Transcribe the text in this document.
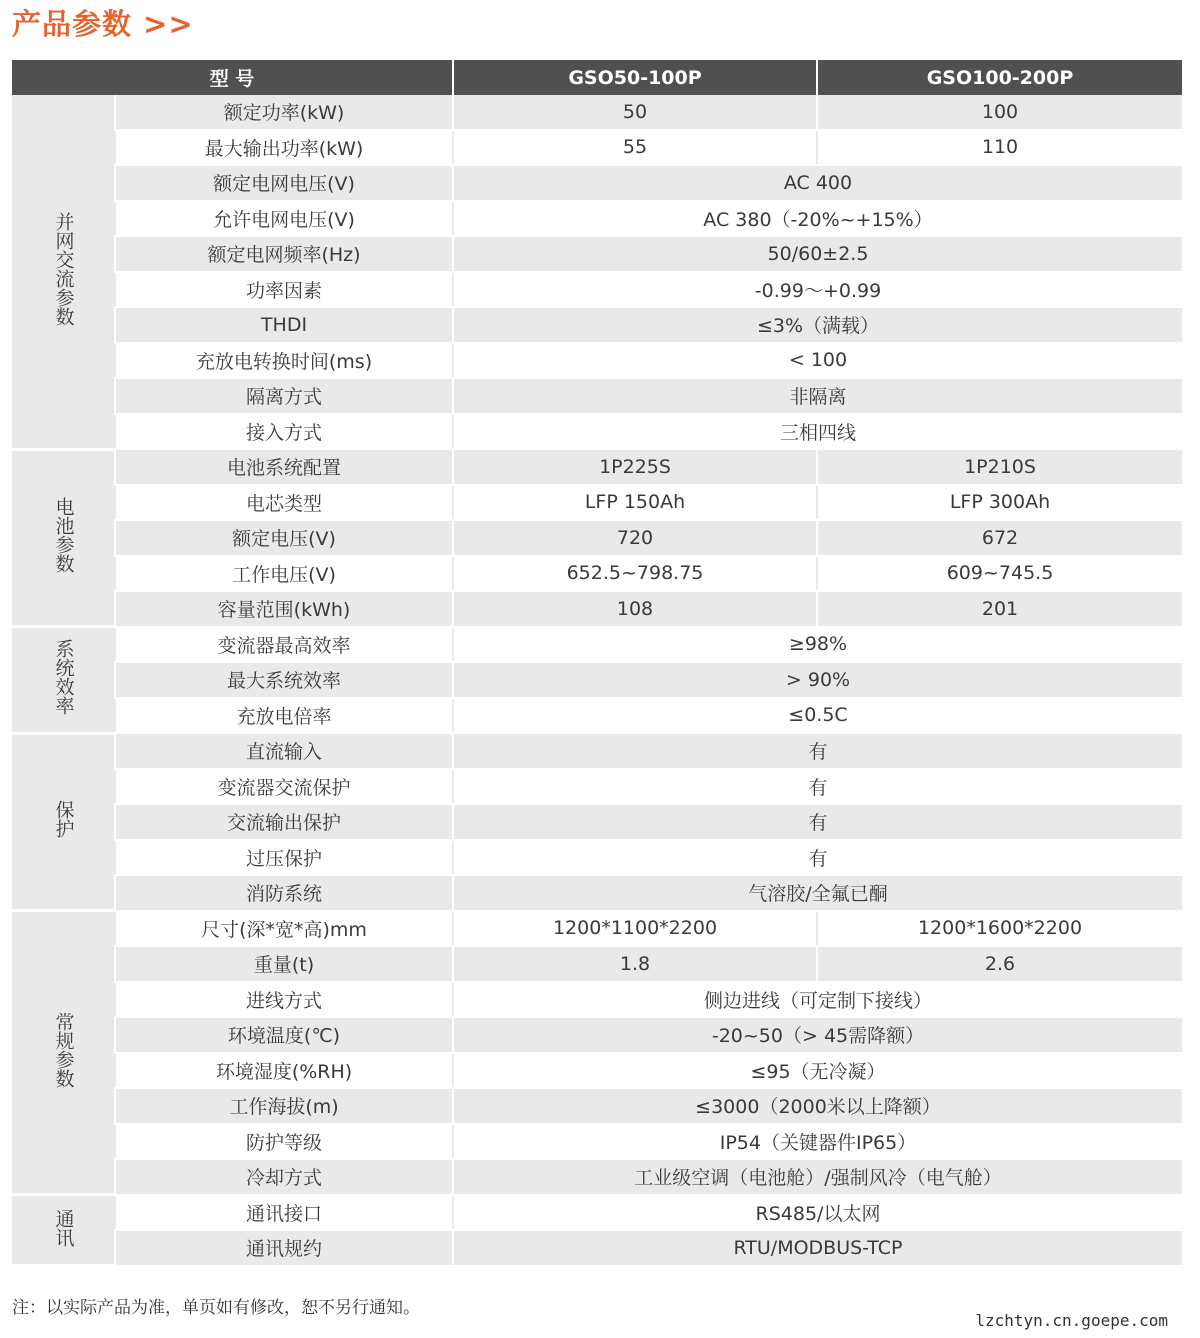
产品参数 >>
型 号		GSO50-100P	GSO100-200P
并网交流参数	额定功率(kW)	50	100
	最大输出功率(kW)	55	110
	额定电网电压(V)	AC 400	
	允许电网电压(V)	AC 380（-20%~+15%）	
	额定电网频率(Hz)	50/60±2.5	
	功率因素	-0.99～+0.99	
	THDI	≤3%（满载）	
	充放电转换时间(ms)	< 100	
	隔离方式	非隔离	
	接入方式	三相四线	
电池参数	电池系统配置	1P225S	1P210S
	电芯类型	LFP 150Ah	LFP 300Ah
	额定电压(V)	720	672
	工作电压(V)	652.5~798.75	609~745.5
	容量范围(kWh)	108	201
系统效率	变流器最高效率	≥98%	
	最大系统效率	> 90%	
	充放电倍率	≤0.5C	
保护	直流输入	有	
	变流器交流保护	有	
	交流输出保护	有	
	过压保护	有	
	消防系统	气溶胶/全氟已酮	
常规参数	尺寸(深*宽*高)mm	1200*1100*2200	1200*1600*2200
	重量(t)	1.8	2.6
	进线方式	侧边进线（可定制下接线）	
	环境温度(℃)	-20~50（> 45需降额）	
	环境湿度(%RH)	≤95（无冷凝）	
	工作海拔(m)	≤3000（2000米以上降额）	
	防护等级	IP54（关键器件IP65）	
	冷却方式	工业级空调（电池舱）/强制风冷（电气舱）	
通讯	通讯接口	RS485/以太网	
	通讯规约	RTU/MODBUS-TCP	
注：以实际产品为准，单页如有修改，恕不另行通知。
lzchtyn.cn.goepe.com
